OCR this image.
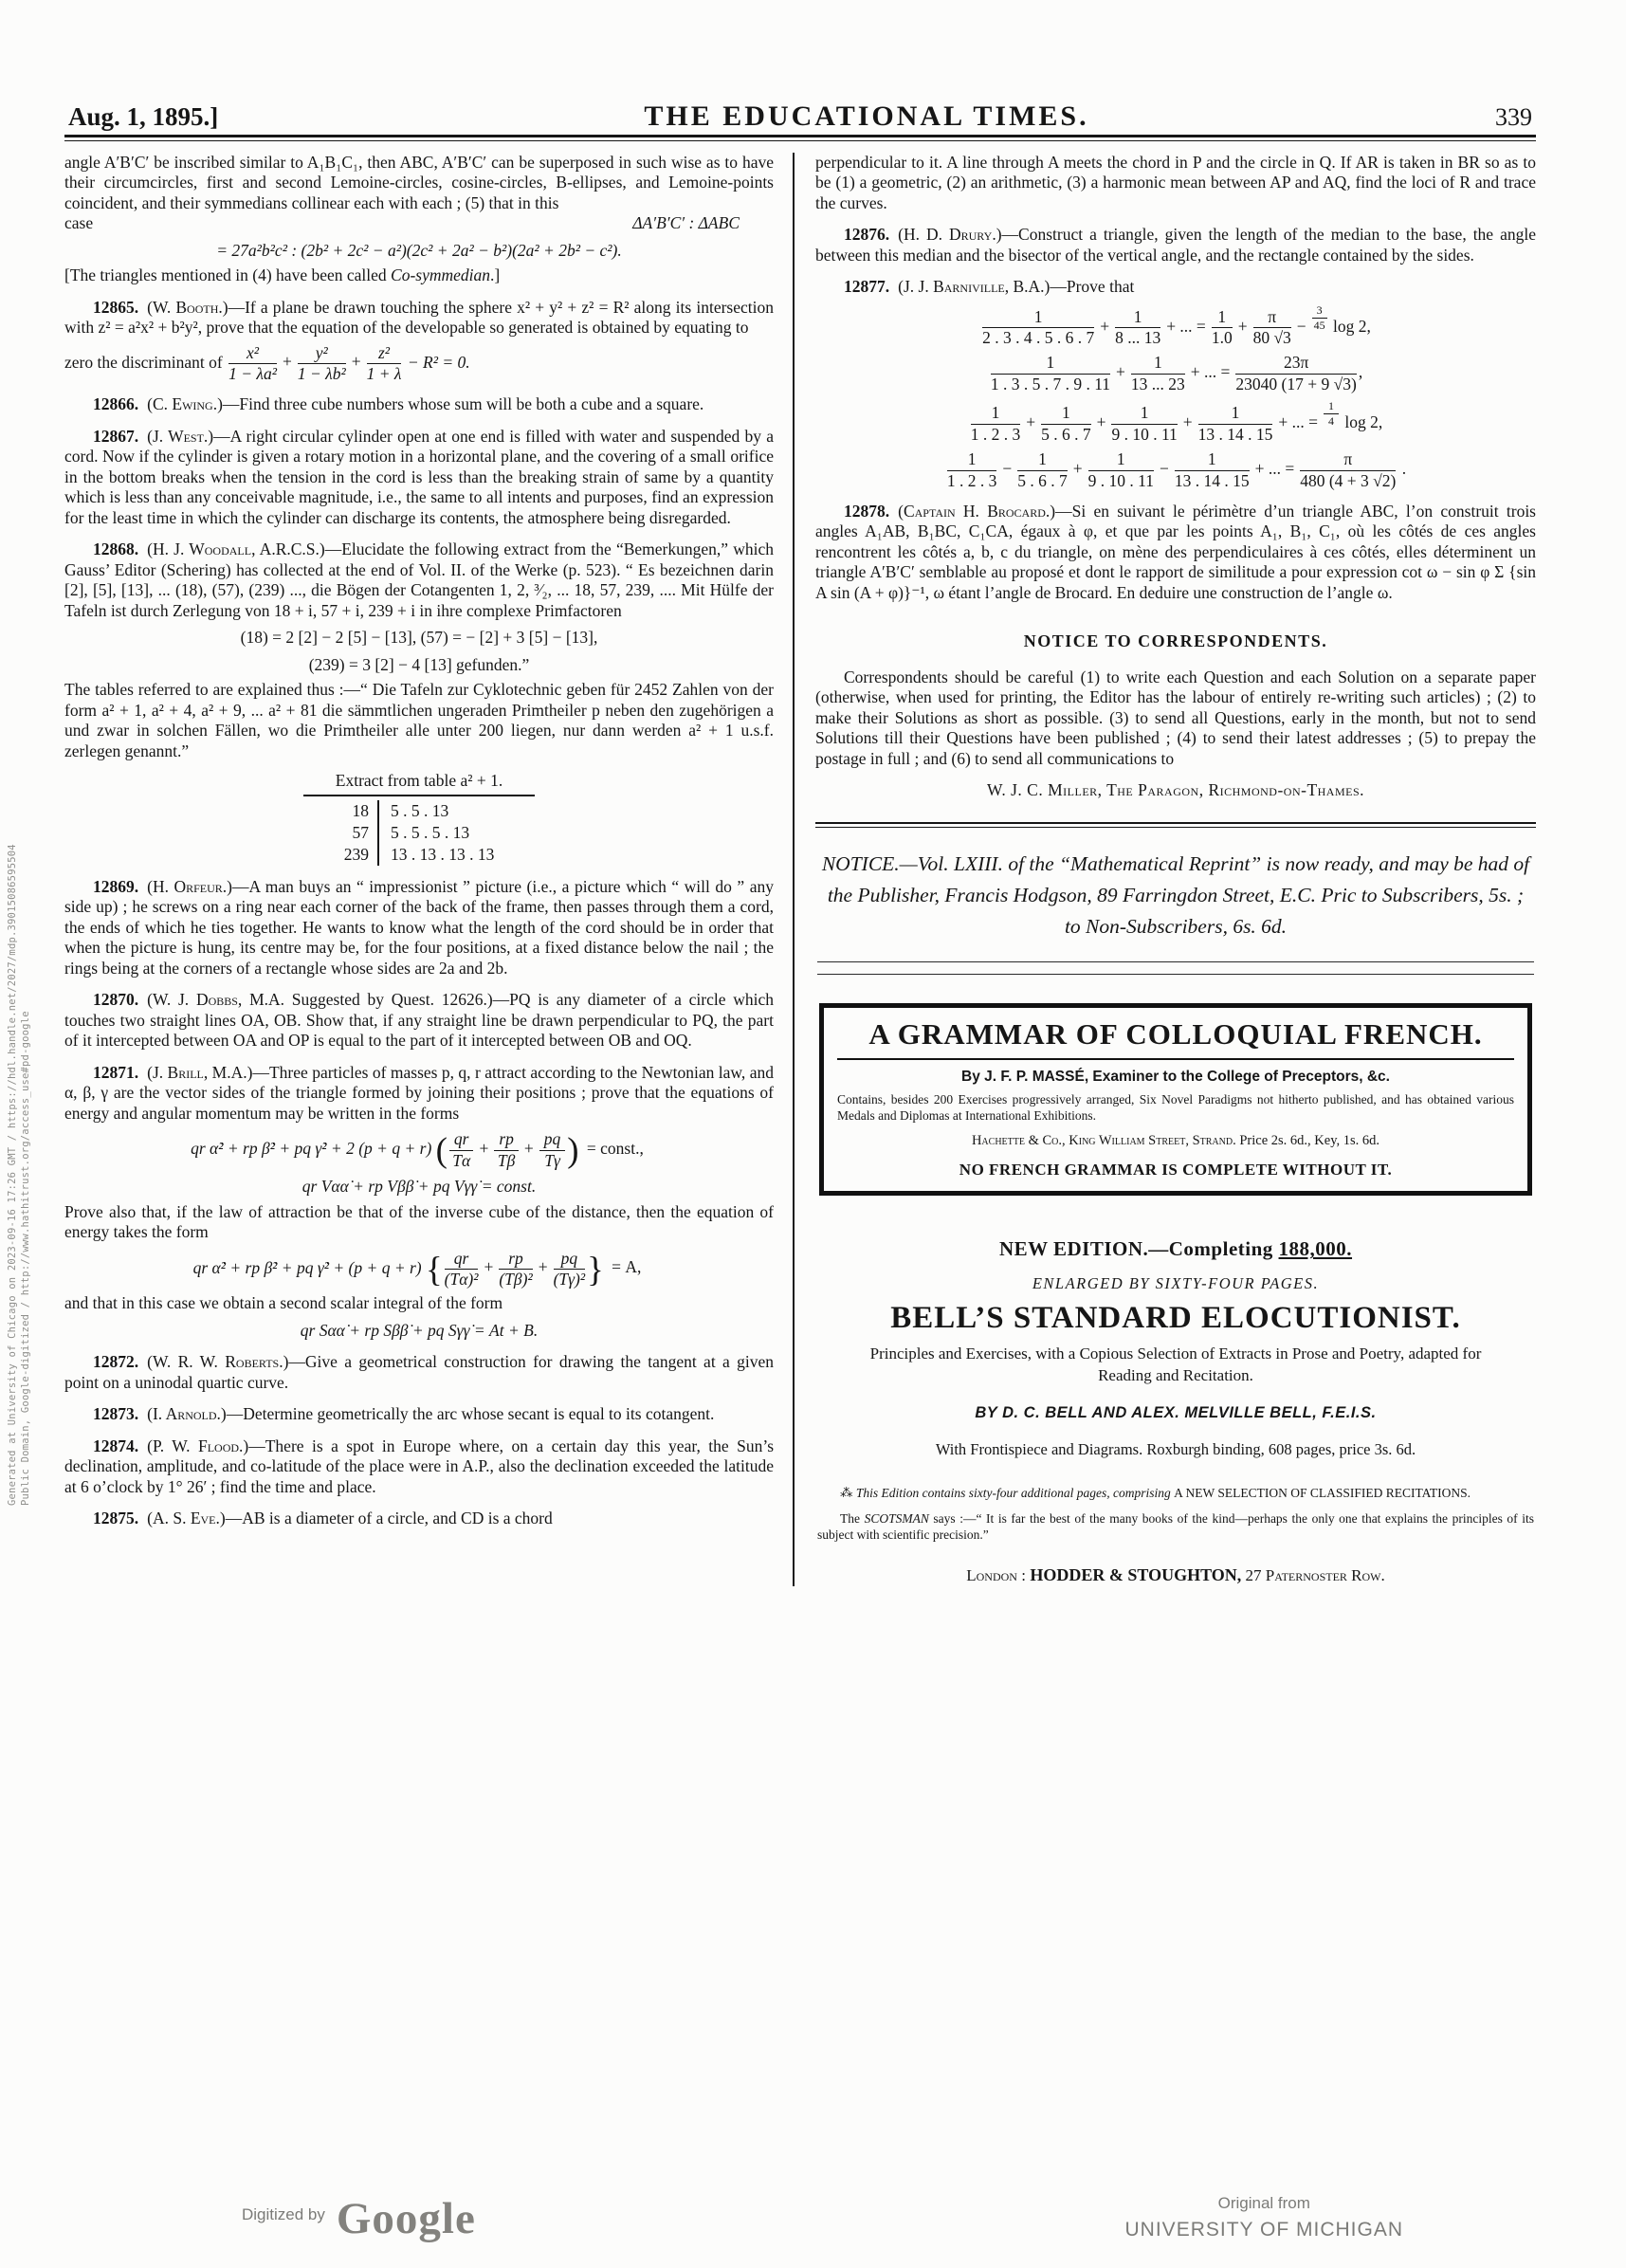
Generated at University of Chicago on 2023-09-16 17:26 GMT / https://hdl.handle.net/2027/mdp.39015086595504 Public Domain, Google-digitized / http://www.hathitrust.org/access_use#pd-google
Aug. 1, 1895.]	THE EDUCATIONAL TIMES.	339

angle A′B′C′ be inscribed similar to A₁B₁C₁, then ABC, A′B′C′ can be superposed in such wise as to have their circumcircles, first and second Lemoine-circles, cosine-circles, B-ellipses, and Lemoine-points coincident, and their symmedians collinear each with each ; (5) that in this

case	ΔA′B′C′ : ΔABC
= 27a²b²c² : (2b² + 2c² − a²)(2c² + 2a² − b²)(2a² + 2b² − c²).

[The triangles mentioned in (4) have been called Co-symmedian.]

12865. (W. Booth.)—If a plane be drawn touching the sphere x² + y² + z² = R² along its intersection with z² = a²x² + b²y², prove that the equation of the developable so generated is obtained by equating to

zero the discriminant of $\frac{\text{x²}}{\text{1 − λa²}} + \frac{\text{y²}}{\text{1 − λb²}} + \frac{\text{z²}}{1 + \lambda} - R^2 = 0$.

12866. (C. Ewing.)—Find three cube numbers whose sum will be both a cube and a square.

12867. (J. West.)—A right circular cylinder open at one end is filled with water and suspended by a cord. Now if the cylinder is given a rotary motion in a horizontal plane, and the covering of a small orifice in the bottom breaks when the tension in the cord is less than the breaking strain of same by a quantity which is less than any conceivable magnitude, i.e., the same to all intents and purposes, find an expression for the least time in which the cylinder can discharge its contents, the atmosphere being disregarded.

12868. (H. J. Woodall, A.R.C.S.)—Elucidate the following extract from the “Bemerkungen,” which Gauss’ Editor (Schering) has collected at the end of Vol. II. of the Werke (p. 523). “ Es bezeichnen darin [2], [5], [13], ... (18), (57), (239) ..., die Bögen der Cotangenten 1, 2, ³⁄₂, ... 18, 57, 239, .... Mit Hülfe der Tafeln ist durch Zerlegung von 18 + i, 57 + i, 239 + i in ihre complexe Primfactoren

(18) = 2 [2] − 2 [5] − [13], (57) = − [2] + 3 [5] − [13],
(239) = 3 [2] − 4 [13] gefunden.”

The tables referred to are explained thus :—“ Die Tafeln zur Cyklotechnic geben für 2452 Zahlen von der form a² + 1, a² + 4, a² + 9, ... a² + 81 die sämmtlichen ungeraden Primtheiler p neben den zugehörigen a und zwar in solchen Fällen, wo die Primtheiler alle unter 200 liegen, nur dann werden a² + 1 u.s.f. zerlegen genannt.”

Extract from table a² + 1.
18	5 . 5 . 13
57	5 . 5 . 5 . 13
239	13 . 13 . 13 . 13

12869. (H. Orfeur.)—A man buys an “ impressionist ” picture (i.e., a picture which “ will do ” any side up) ; he screws on a ring near each corner of the back of the frame, then passes through them a cord, the ends of which he ties together. He wants to know what the length of the cord should be in order that when the picture is hung, its centre may be, for the four positions, at a fixed distance below the nail ; the rings being at the corners of a rectangle whose sides are 2a and 2b.

12870. (W. J. Dobbs, M.A. Suggested by Quest. 12626.)—PQ is any diameter of a circle which touches two straight lines OA, OB. Show that, if any straight line be drawn perpendicular to PQ, the part of it intercepted between OA and OP is equal to the part of it intercepted between OB and OQ.

12871. (J. Brill, M.A.)—Three particles of masses p, q, r attract according to the Newtonian law, and α, β, γ are the vector sides of the triangle formed by joining their positions ; prove that the equations of energy and angular momentum may be written in the forms

qr α̇² + rp β̇² + pq γ̇² + 2 (p + q + r) ( $\frac{qr}{T\alpha} + \frac{rp}{T\beta} + \frac{pq}{T\gamma}$ ) = const.,
qr Vαα̇ + rp Vββ̇ + pq Vγγ̇ = const.

Prove also that, if the law of attraction be that of the inverse cube of the distance, then the equation of energy takes the form

qr α̇² + rp β̇² + pq γ̇² + (p + q + r) { $\frac{qr}{\text{(Tα)²}} + \frac{rp}{\text{(Tβ)²}} + \frac{pq}{\text{(Tγ)²}}$ } = A,

and that in this case we obtain a second scalar integral of the form

qr Sαα̇ + rp Sββ̇ + pq Sγγ̇ = At + B.

12872. (W. R. W. Roberts.)—Give a geometrical construction for drawing the tangent at a given point on a uninodal quartic curve.

12873. (I. Arnold.)—Determine geometrically the arc whose secant is equal to its cotangent.

12874. (P. W. Flood.)—There is a spot in Europe where, on a certain day this year, the Sun’s declination, amplitude, and co-latitude of the place were in A.P., also the declination exceeded the latitude at 6 o’clock by 1° 26′ ; find the time and place.

12875. (A. S. Eve.)—AB is a diameter of a circle, and CD is a chord

perpendicular to it. A line through A meets the chord in P and the circle in Q. If AR is taken in BR so as to be (1) a geometric, (2) an arithmetic, (3) a harmonic mean between AP and AQ, find the loci of R and trace the curves.

12876. (H. D. Drury.)—Construct a triangle, given the length of the median to the base, the angle between this median and the bisector of the vertical angle, and the rectangle contained by the sides.

12877. (J. J. Barniville, B.A.)—Prove that

$\frac{1}{2 . 3 . 4 . 5 . 6 . 7} + \frac{1}{8 ... 13}$ + ... = $\frac{1}{1.0} + \frac{\pi}{80 √3} - \frac{3}{45}$ log 2,
$\frac{1}{1 . 3 . 5 . 7 . 9 . 11} + \frac{1}{13 ... 23}$ + ... = $\frac{23\pi}{23040 (17 + 9 √3)}$ ,
$\frac{1}{1 . 2 . 3} + \frac{1}{5 . 6 . 7} + \frac{1}{9 . 10 . 11} + \frac{1}{13 . 14 . 15}$ + ... = $\frac{1}{4}$ log 2,
$\frac{1}{1 . 2 . 3} - \frac{1}{5 . 6 . 7} + \frac{1}{9 . 10 . 11} - \frac{1}{13 . 14 . 15}$ + ... = $\frac{\pi}{480 (4 + 3 √2)}$ .

12878. (Captain H. Brocard.)—Si en suivant le périmètre d’un triangle ABC, l’on construit trois angles A₁AB, B₁BC, C₁CA, égaux à φ, et que par les points A₁, B₁, C₁, où les côtés de ces angles rencontrent les côtés a, b, c du triangle, on mène des perpendiculaires à ces côtés, elles déterminent un triangle A′B′C′ semblable au proposé et dont le rapport de similitude a pour expression cot ω − sin φ Σ {sin A sin (A + φ)}⁻¹, ω étant l’angle de Brocard. En deduire une construction de l’angle ω.

NOTICE TO CORRESPONDENTS.

Correspondents should be careful (1) to write each Question and each Solution on a separate paper (otherwise, when used for printing, the Editor has the labour of entirely re-writing such articles) ; (2) to make their Solutions as short as possible. (3) to send all Questions, early in the month, but not to send Solutions till their Questions have been published ; (4) to send their latest addresses ; (5) to prepay the postage in full ; and (6) to send all communications to

W. J. C. Miller, The Paragon, Richmond-on-Thames.
NOTICE.—Vol. LXIII. of the “Mathematical Reprint” is now ready, and may be had of the Publisher, Francis Hodgson, 89 Farringdon Street, E.C. Pric to Subscribers, 5s. ; to Non-Subscribers, 6s. 6d.
A GRAMMAR OF COLLOQUIAL FRENCH.
By J. F. P. MASSÉ, Examiner to the College of Preceptors, &c.
Contains, besides 200 Exercises progressively arranged, Six Novel Paradigms not hitherto published, and has obtained various Medals and Diplomas at International Exhibitions.
Hachette & Co., King William Street, Strand. Price 2s. 6d., Key, 1s. 6d.
NO FRENCH GRAMMAR IS COMPLETE WITHOUT IT.
NEW EDITION.—Completing 188,000.
ENLARGED BY SIXTY-FOUR PAGES.
BELL’S STANDARD ELOCUTIONIST.
Principles and Exercises, with a Copious Selection of Extracts in Prose and Poetry, adapted for Reading and Recitation.
BY D. C. BELL AND ALEX. MELVILLE BELL, F.E.I.S.
With Frontispiece and Diagrams. Roxburgh binding, 608 pages, price 3s. 6d.
⁂ This Edition contains sixty-four additional pages, comprising A NEW SELECTION OF CLASSIFIED RECITATIONS.
The SCOTSMAN says :—“ It is far the best of the many books of the kind—perhaps the only one that explains the principles of its subject with scientific precision.”
London : HODDER & STOUGHTON, 27 Paternoster Row.
Digitized by Google	Original from
UNIVERSITY OF MICHIGAN
